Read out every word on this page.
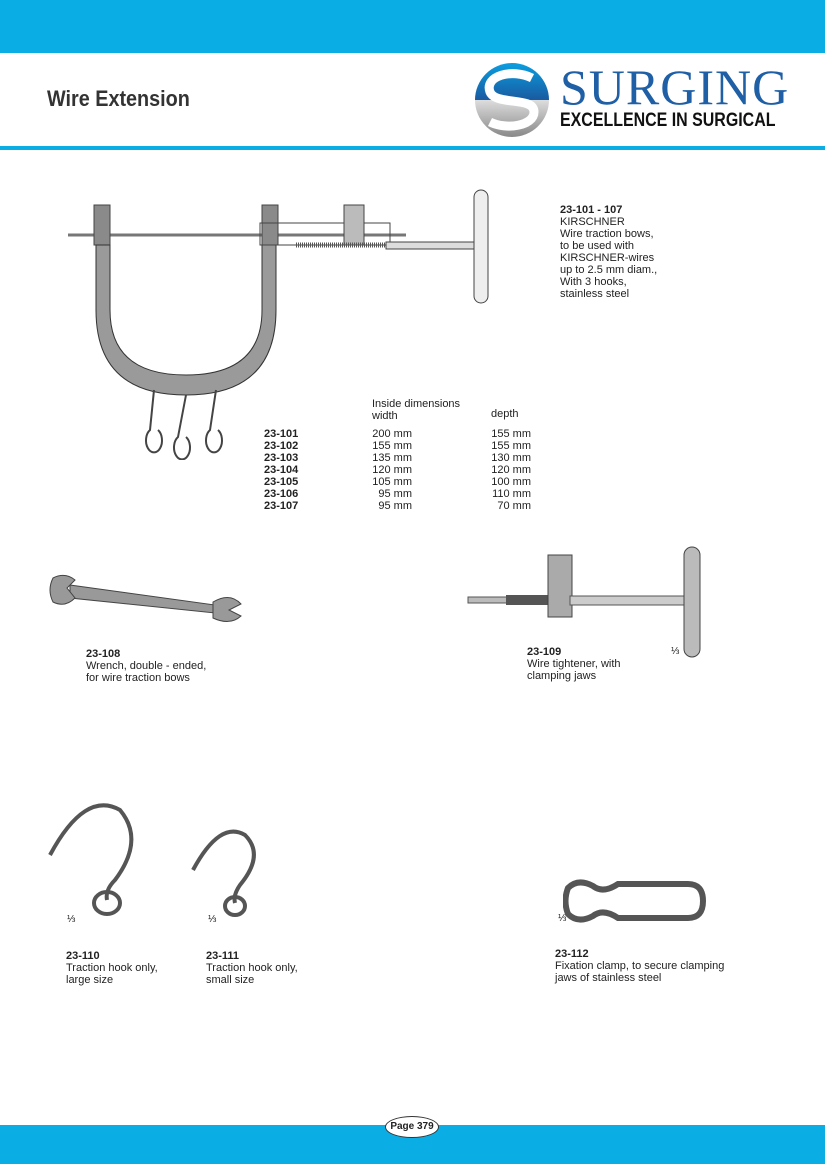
Wire Extension	SURGING
EXCELLENCE IN SURGICAL
23-101 - 107
KIRSCHNER
Wire traction bows,
to be used with
KIRSCHNER-wires
up to 2.5 mm diam.,
With 3 hooks,
stainless steel
Inside dimensions
width	depth
23-101	200 mm	155 mm
23-102	155 mm	155 mm
23-103	135 mm	130 mm
23-104	120 mm	120 mm
23-105	105 mm	100 mm
23-106	95 mm	110 mm
23-107	95 mm	70 mm
23-108
Wrench, double - ended,
for wire traction bows
⅓
23-109
Wire tightener, with
clamping jaws
⅓
23-110
Traction hook only,
large size
⅓
23-111
Traction hook only,
small size
⅓
23-112
Fixation clamp, to secure clamping
jaws of stainless steel
Page 379
